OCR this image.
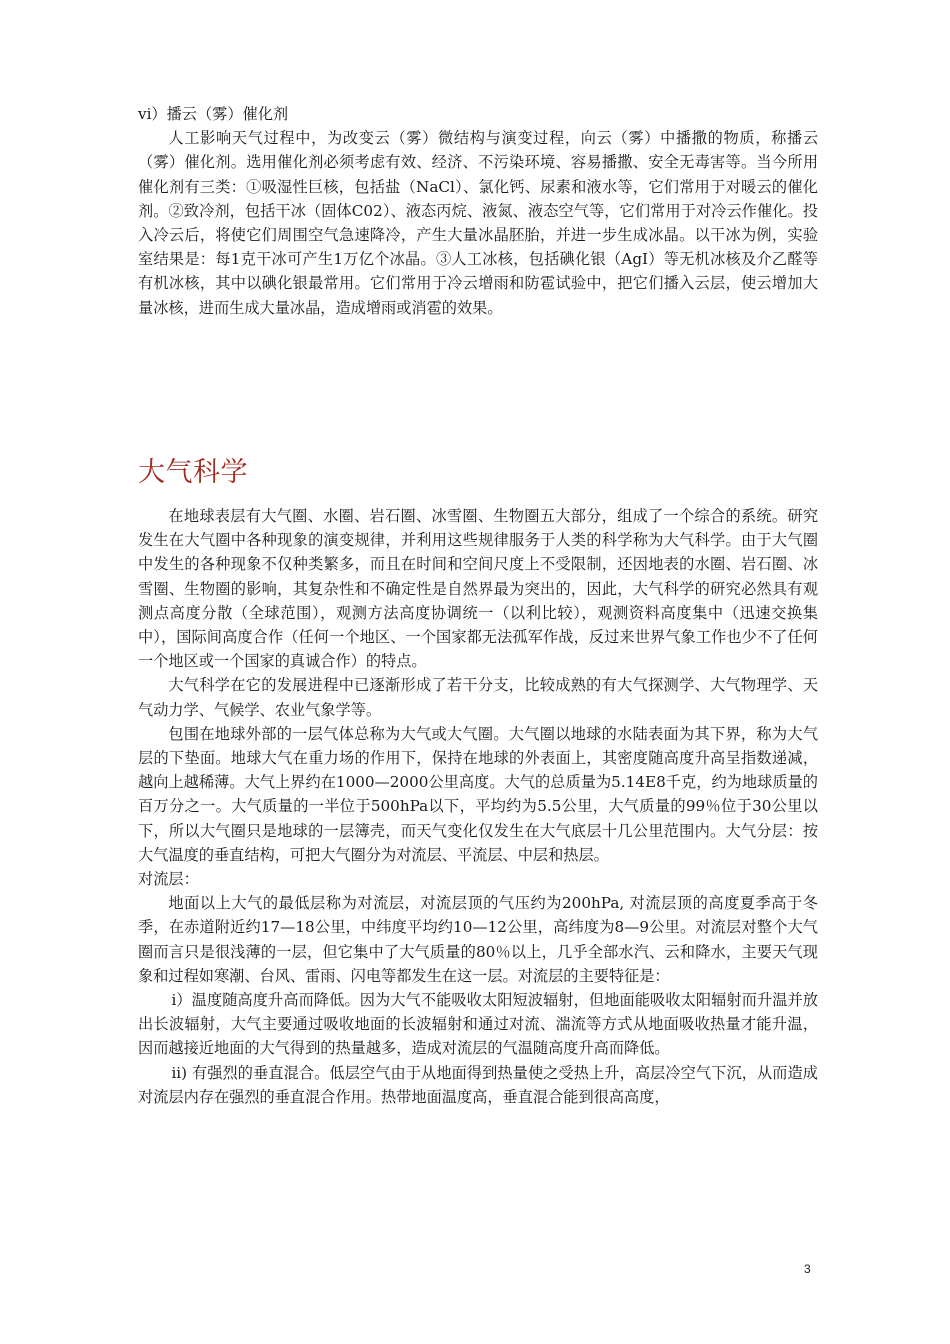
vi）播云（雾）催化剂

人工影响天气过程中，为改变云（雾）微结构与演变过程，向云（雾）中播撒的物质，称播云（雾）催化剂。选用催化剂必须考虑有效、经济、不污染环境、容易播撒、安全无毒害等。当今所用催化剂有三类：①吸湿性巨核，包括盐（NaCl）、氯化钙、尿素和液水等，它们常用于对暖云的催化剂。②致冷剂，包括干冰（固体C02）、液态丙烷、液氮、液态空气等，它们常用于对冷云作催化。投入冷云后，将使它们周围空气急速降冷，产生大量冰晶胚胎，并进一步生成冰晶。以干冰为例，实验室结果是：每1克干冰可产生1万亿个冰晶。③人工冰核，包括碘化银（AgI）等无机冰核及介乙醛等有机冰核，其中以碘化银最常用。它们常用于冷云增雨和防雹试验中，把它们播入云层，使云增加大量冰核，进而生成大量冰晶，造成增雨或消雹的效果。

大气科学

在地球表层有大气圈、水圈、岩石圈、冰雪圈、生物圈五大部分，组成了一个综合的系统。研究发生在大气圈中各种现象的演变规律，并利用这些规律服务于人类的科学称为大气科学。由于大气圈中发生的各种现象不仅种类繁多，而且在时间和空间尺度上不受限制，还因地表的水圈、岩石圈、冰雪圈、生物圈的影响，其复杂性和不确定性是自然界最为突出的，因此，大气科学的研究必然具有观测点高度分散（全球范围），观测方法高度协调统一（以利比较），观测资料高度集中（迅速交换集中），国际间高度合作（任何一个地区、一个国家都无法孤军作战，反过来世界气象工作也少不了任何一个地区或一个国家的真诚合作）的特点。

大气科学在它的发展进程中已逐渐形成了若干分支，比较成熟的有大气探测学、大气物理学、天气动力学、气候学、农业气象学等。

包围在地球外部的一层气体总称为大气或大气圈。大气圈以地球的水陆表面为其下界，称为大气层的下垫面。地球大气在重力场的作用下，保持在地球的外表面上，其密度随高度升高呈指数递减，越向上越稀薄。大气上界约在1000—2000公里高度。大气的总质量为5.14E8千克，约为地球质量的百万分之一。大气质量的一半位于500hPa以下，平均约为5.5公里，大气质量的99％位于30公里以下，所以大气圈只是地球的一层簿壳，而天气变化仅发生在大气底层十几公里范围内。大气分层：按大气温度的垂直结构，可把大气圈分为对流层、平流层、中层和热层。

对流层：

地面以上大气的最低层称为对流层，对流层顶的气压约为200hPa, 对流层顶的高度夏季高于冬季，在赤道附近约17—18公里，中纬度平均约10—12公里，高纬度为8—9公里。对流层对整个大气圈而言只是很浅薄的一层，但它集中了大气质量的80％以上，几乎全部水汽、云和降水，主要天气现象和过程如寒潮、台风、雷雨、闪电等都发生在这一层。对流层的主要特征是：

i）温度随高度升高而降低。因为大气不能吸收太阳短波辐射，但地面能吸收太阳辐射而升温并放出长波辐射，大气主要通过吸收地面的长波辐射和通过对流、湍流等方式从地面吸收热量才能升温，因而越接近地面的大气得到的热量越多，造成对流层的气温随高度升高而降低。

ii) 有强烈的垂直混合。低层空气由于从地面得到热量使之受热上升，高层冷空气下沉，从而造成对流层内存在强烈的垂直混合作用。热带地面温度高，垂直混合能到很高高度，

3
